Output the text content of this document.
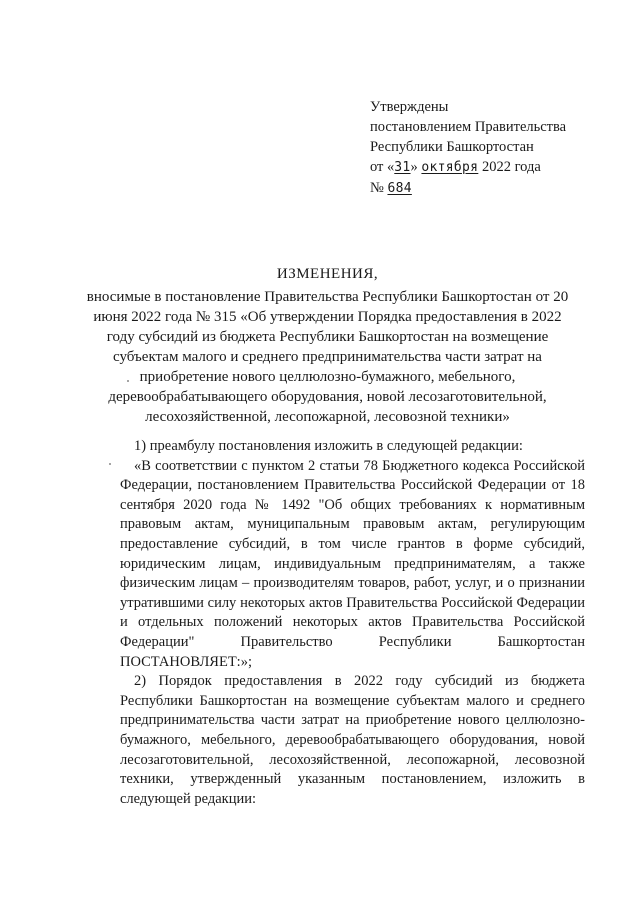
Утверждены
постановлением Правительства
Республики Башкортостан
от «31» октября 2022 года
№ 684
ИЗМЕНЕНИЯ,
вносимые в постановление Правительства Республики Башкортостан от 20 июня 2022 года № 315 «Об утверждении Порядка предоставления в 2022 году субсидий из бюджета Республики Башкортостан на возмещение субъектам малого и среднего предпринимательства части затрат на приобретение нового целлюлозно-бумажного, мебельного, деревообрабатывающего оборудования, новой лесозаготовительной, лесохозяйственной, лесопожарной, лесовозной техники»

1) преамбулу постановления изложить в следующей редакции:

«В соответствии с пунктом 2 статьи 78 Бюджетного кодекса Российской Федерации, постановлением Правительства Российской Федерации от 18 сентября 2020 года № 1492 "Об общих требованиях к нормативным правовым актам, муниципальным правовым актам, регулирующим предоставление субсидий, в том числе грантов в форме субсидий, юридическим лицам, индивидуальным предпринимателям, а также физическим лицам – производителям товаров, работ, услуг, и о признании утратившими силу некоторых актов Правительства Российской Федерации и отдельных положений некоторых актов Правительства Российской Федерации" Правительство Республики Башкортостан ПОСТАНОВЛЯЕТ:»;

2) Порядок предоставления в 2022 году субсидий из бюджета Республики Башкортостан на возмещение субъектам малого и среднего предпринимательства части затрат на приобретение нового целлюлозно-бумажного, мебельного, деревообрабатывающего оборудования, новой лесозаготовительной, лесохозяйственной, лесопожарной, лесовозной техники, утвержденный указанным постановлением, изложить в следующей редакции:
